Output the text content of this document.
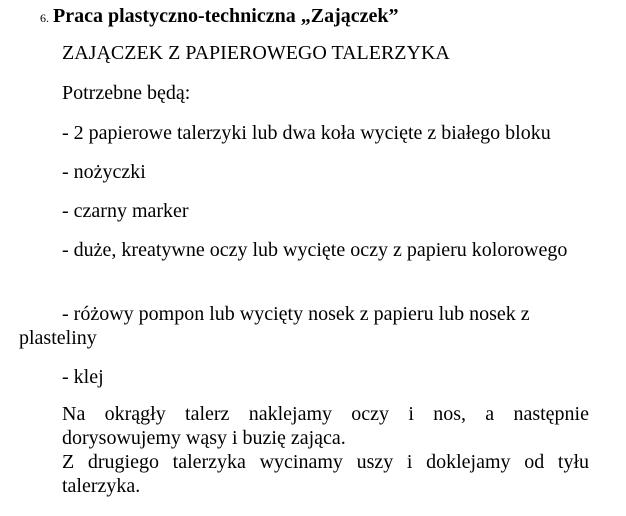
6. Praca plastyczno-techniczna „Zajączek”
ZAJĄCZEK Z PAPIEROWEGO TALERZYKA
Potrzebne będą:
- 2 papierowe talerzyki lub dwa koła wycięte z białego bloku
- nożyczki
- czarny marker
- duże, kreatywne oczy lub wycięte oczy z papieru kolorowego
- różowy pompon lub wycięty nosek z papieru lub nosek z plasteliny
- klej

Na okrągły talerz naklejamy oczy i nos, a następnie dorysowujemy wąsy i buzię zająca.

Z drugiego talerzyka wycinamy uszy i doklejamy od tyłu talerzyka.
